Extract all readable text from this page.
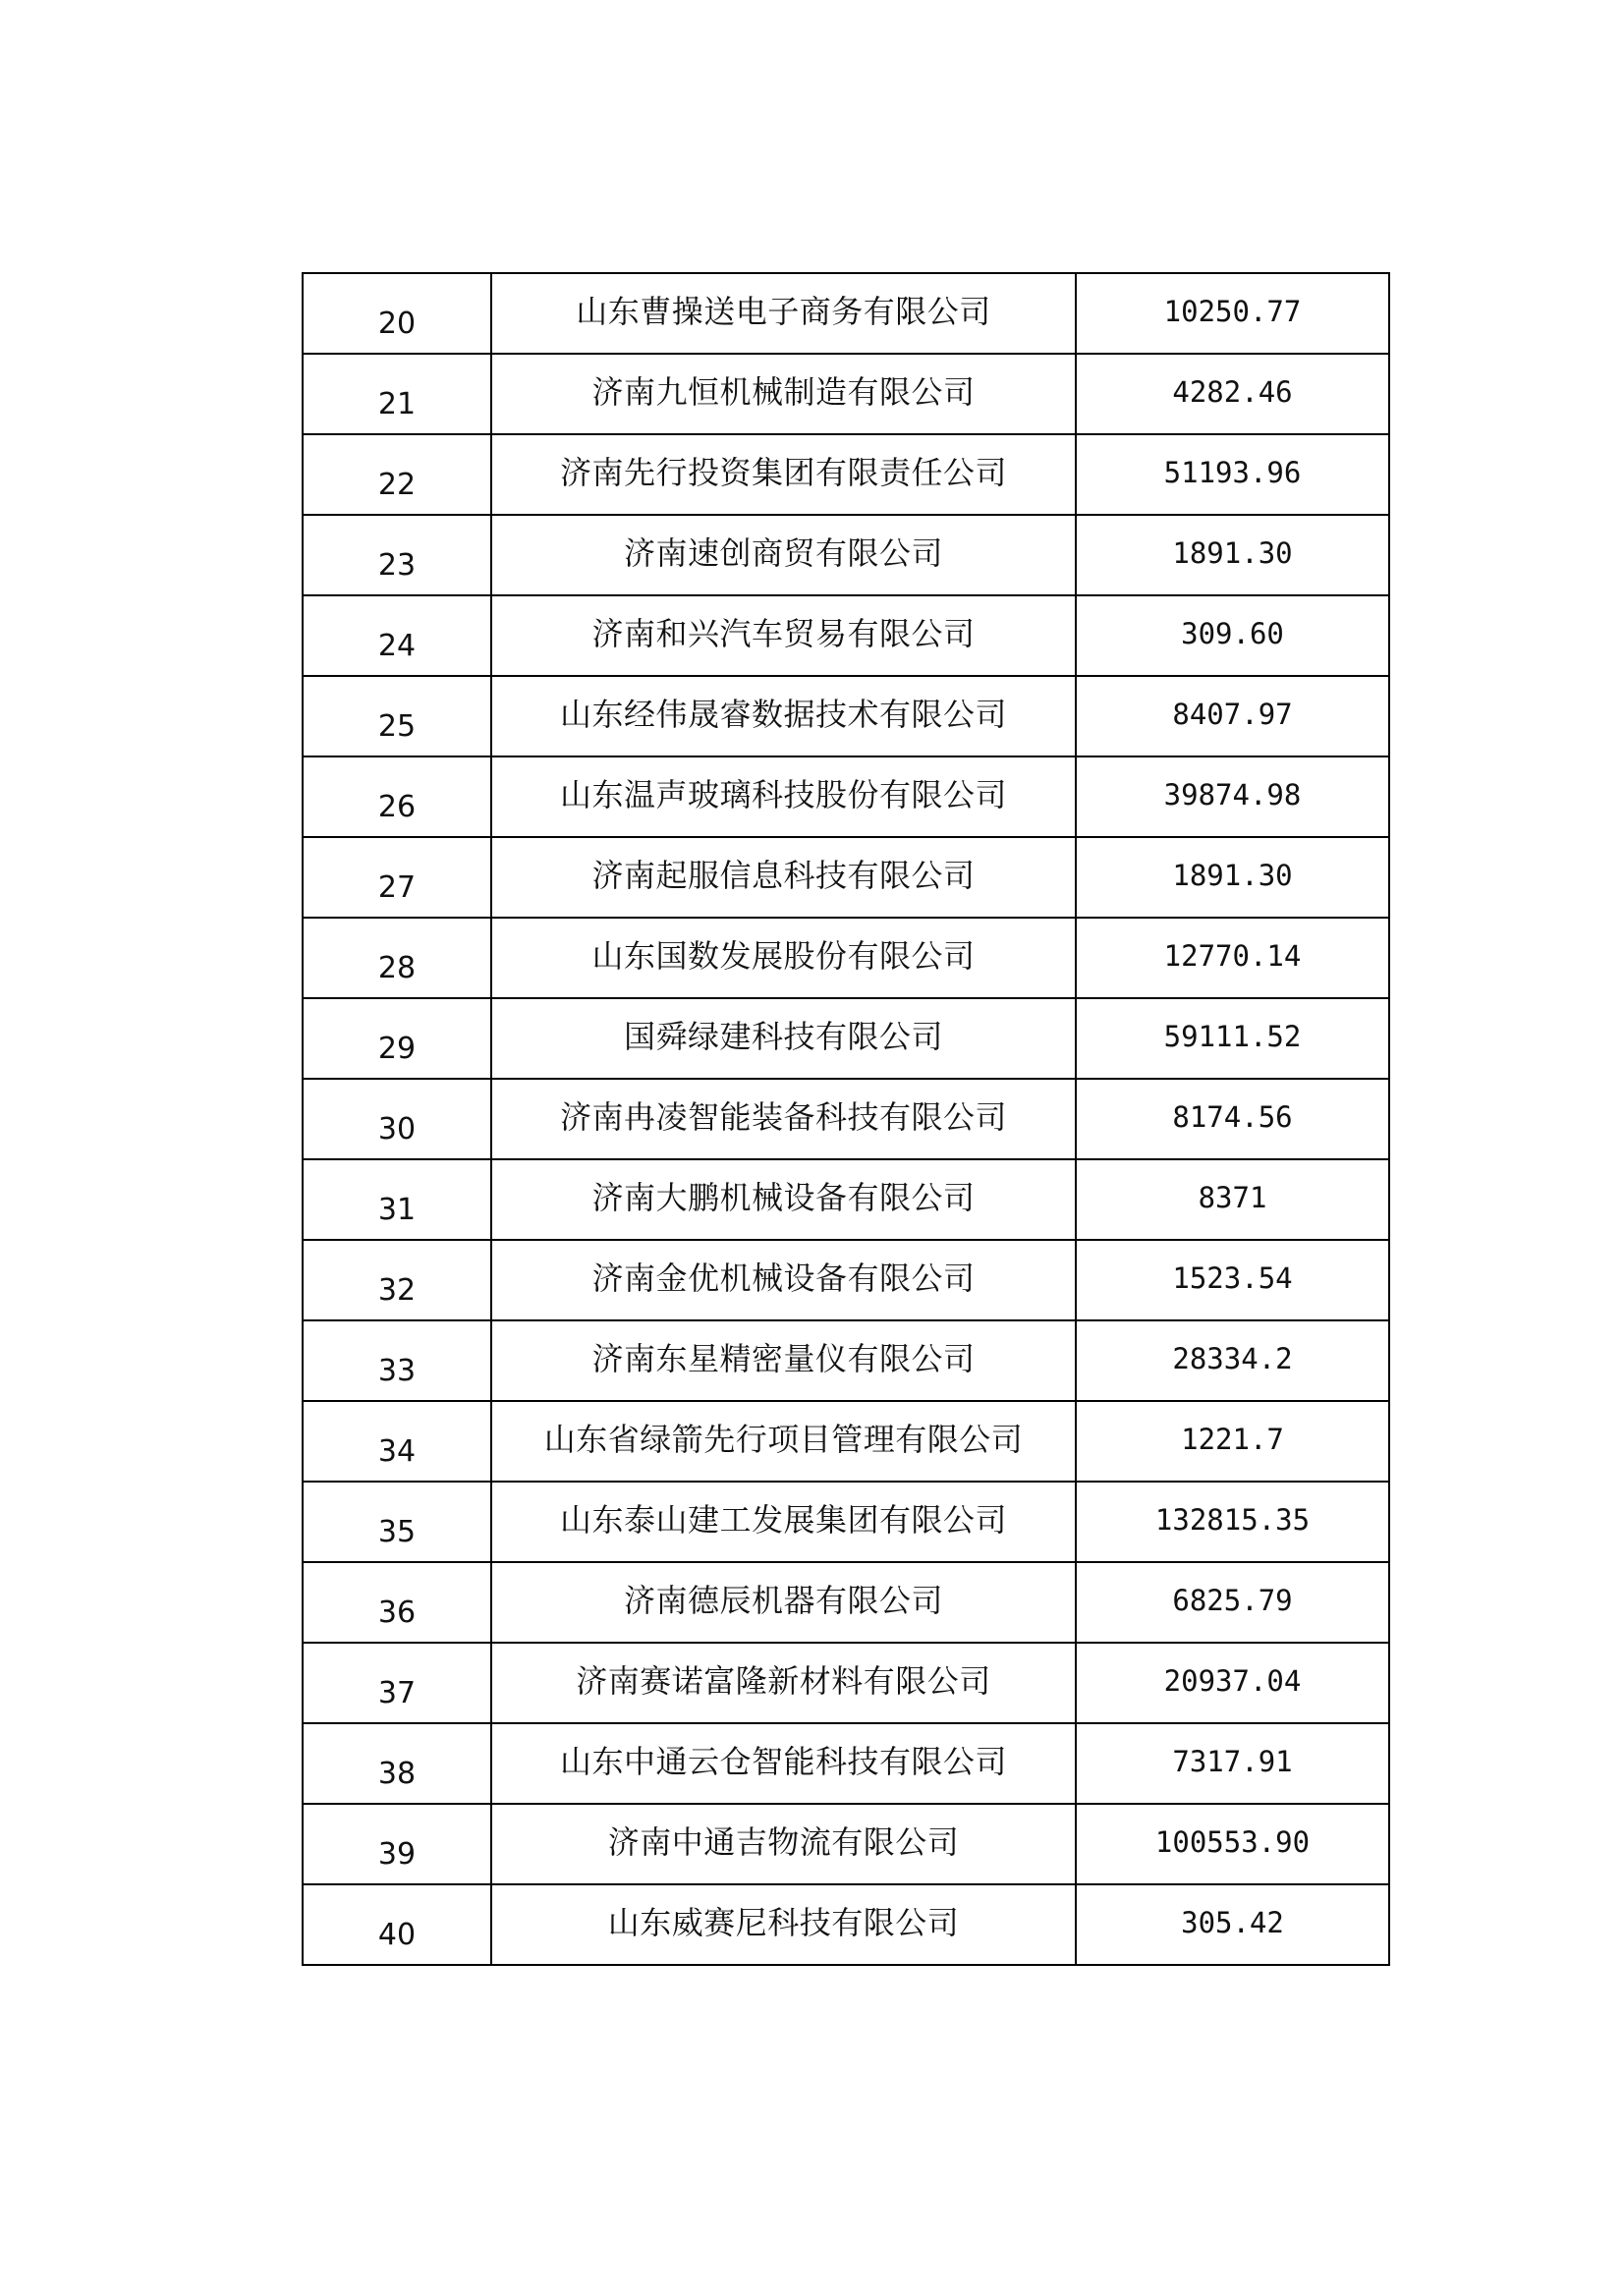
20	山东曹操送电子商务有限公司	10250.77
21	济南九恒机械制造有限公司	4282.46
22	济南先行投资集团有限责任公司	51193.96
23	济南速创商贸有限公司	1891.30
24	济南和兴汽车贸易有限公司	309.60
25	山东经伟晟睿数据技术有限公司	8407.97
26	山东温声玻璃科技股份有限公司	39874.98
27	济南起服信息科技有限公司	1891.30
28	山东国数发展股份有限公司	12770.14
29	国舜绿建科技有限公司	59111.52
30	济南冉凌智能装备科技有限公司	8174.56
31	济南大鹏机械设备有限公司	8371
32	济南金优机械设备有限公司	1523.54
33	济南东星精密量仪有限公司	28334.2
34	山东省绿箭先行项目管理有限公司	1221.7
35	山东泰山建工发展集团有限公司	132815.35
36	济南德辰机器有限公司	6825.79
37	济南赛诺富隆新材料有限公司	20937.04
38	山东中通云仓智能科技有限公司	7317.91
39	济南中通吉物流有限公司	100553.90
40	山东威赛尼科技有限公司	305.42
